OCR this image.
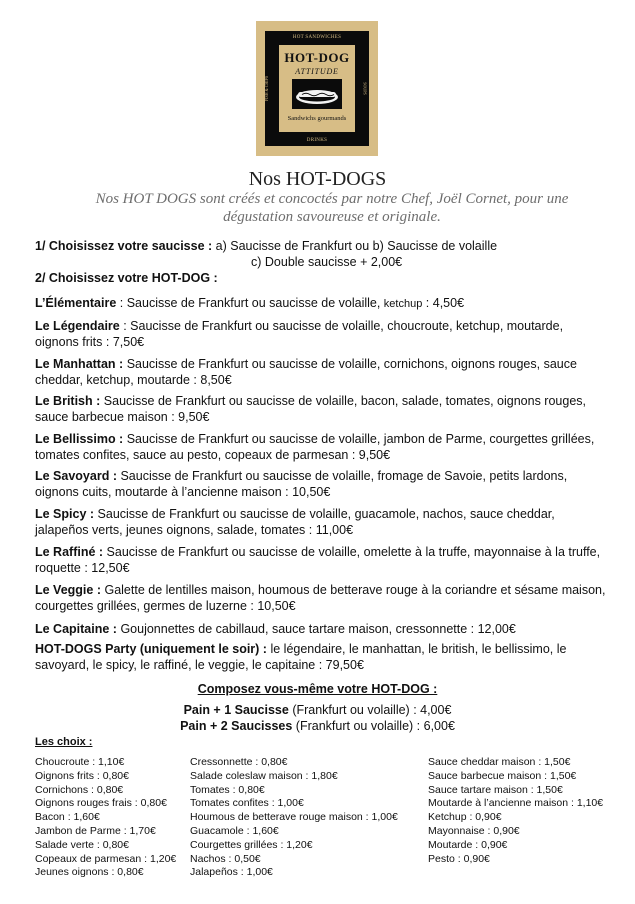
HOT SANDWICHES
FISH & CHIPS	SOUPS
HOT-DOG
ATTITUDE
Sandwichs gourmands
DRINKS
Nos HOT-DOGS
Nos HOT DOGS sont créés et concoctés par notre Chef, Joël Cornet, pour une dégustation savoureuse et originale.
1/ Choisissez votre saucisse : a) Saucisse de Frankfurt ou b) Saucisse de volaille
c) Double saucisse + 2,00€
2/ Choisissez votre HOT-DOG :
L’Élémentaire : Saucisse de Frankfurt ou saucisse de volaille, ketchup : 4,50€
Le Légendaire : Saucisse de Frankfurt ou saucisse de volaille, choucroute, ketchup, moutarde, oignons frits : 7,50€
Le Manhattan : Saucisse de Frankfurt ou saucisse de volaille, cornichons, oignons rouges, sauce cheddar, ketchup, moutarde : 8,50€
Le British : Saucisse de Frankfurt ou saucisse de volaille, bacon, salade, tomates, oignons rouges, sauce barbecue maison : 9,50€
Le Bellissimo : Saucisse de Frankfurt ou saucisse de volaille, jambon de Parme, courgettes grillées, tomates confites, sauce au pesto, copeaux de parmesan : 9,50€
Le Savoyard : Saucisse de Frankfurt ou saucisse de volaille, fromage de Savoie, petits lardons, oignons cuits, moutarde à l’ancienne maison : 10,50€
Le Spicy : Saucisse de Frankfurt ou saucisse de volaille, guacamole, nachos, sauce cheddar, jalapeños verts, jeunes oignons, salade, tomates : 11,00€
Le Raffiné : Saucisse de Frankfurt ou saucisse de volaille, omelette à la truffe, mayonnaise à la truffe, roquette : 12,50€
Le Veggie : Galette de lentilles maison, houmous de betterave rouge à la coriandre et sésame maison, courgettes grillées, germes de luzerne : 10,50€
Le Capitaine : Goujonnettes de cabillaud, sauce tartare maison, cressonnette : 12,00€
HOT-DOGS Party (uniquement le soir) : le légendaire, le manhattan, le british, le bellissimo, le savoyard, le spicy, le raffiné, le veggie, le capitaine : 79,50€
Composez vous-même votre HOT-DOG :
Pain + 1 Saucisse (Frankfurt ou volaille) : 4,00€
Pain + 2 Saucisses (Frankfurt ou volaille) : 6,00€
Les choix :
Choucroute : 1,10€
Oignons frits : 0,80€
Cornichons : 0,80€
Oignons rouges frais : 0,80€
Bacon : 1,60€
Jambon de Parme : 1,70€
Salade verte : 0,80€
Copeaux de parmesan : 1,20€
Jeunes oignons : 0,80€
Cressonnette : 0,80€
Salade coleslaw maison : 1,80€
Tomates : 0,80€
Tomates confites : 1,00€
Houmous de betterave rouge maison : 1,00€
Guacamole : 1,60€
Courgettes grillées : 1,20€
Nachos : 0,50€
Jalapeños : 1,00€
Sauce cheddar maison : 1,50€
Sauce barbecue maison : 1,50€
Sauce tartare maison : 1,50€
Moutarde à l’ancienne maison : 1,10€
Ketchup : 0,90€
Mayonnaise : 0,90€
Moutarde : 0,90€
Pesto : 0,90€
